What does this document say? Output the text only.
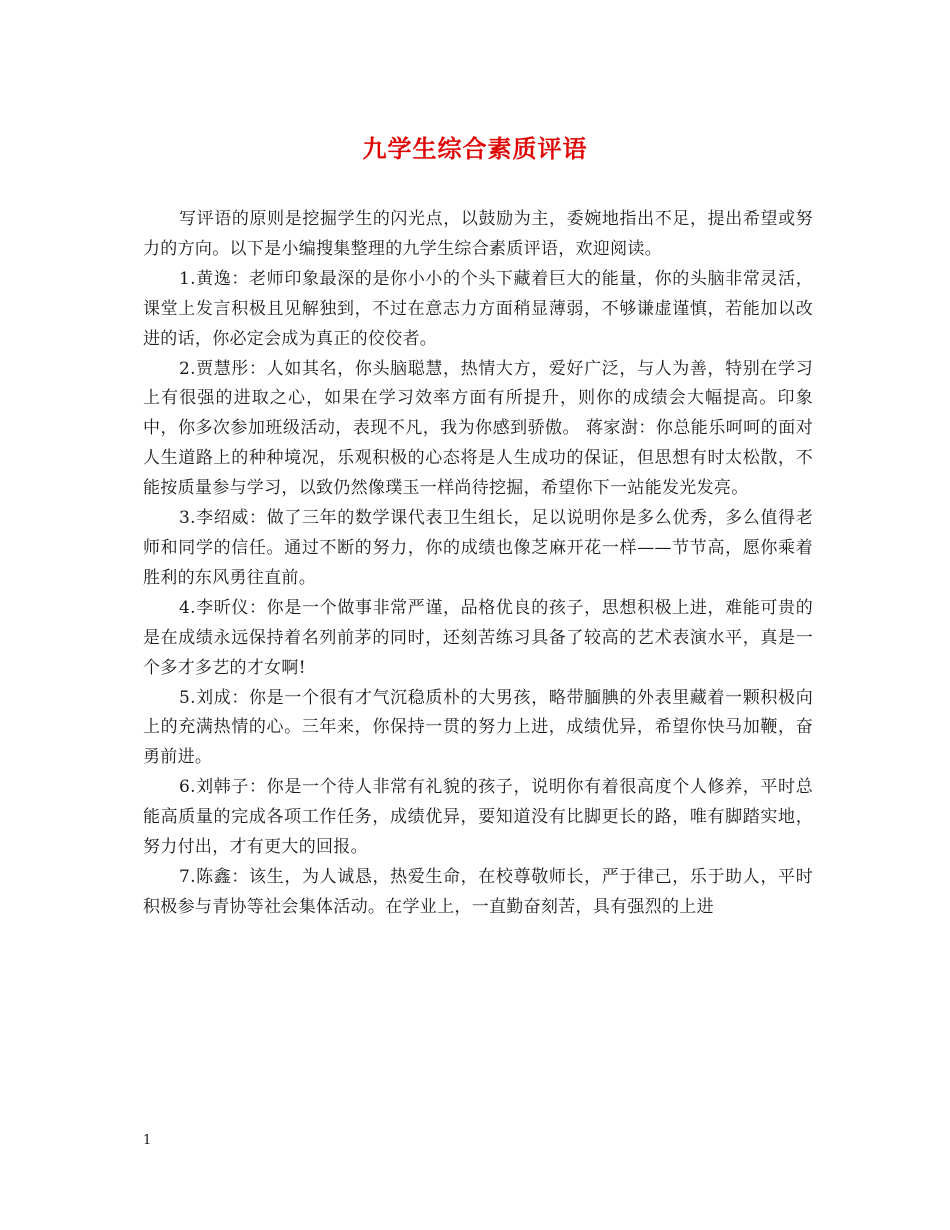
九学生综合素质评语

写评语的原则是挖掘学生的闪光点，以鼓励为主，委婉地指出不足，提出希望或努力的方向。以下是小编搜集整理的九学生综合素质评语，欢迎阅读。

1.黄逸：老师印象最深的是你小小的个头下藏着巨大的能量，你的头脑非常灵活，课堂上发言积极且见解独到，不过在意志力方面稍显薄弱，不够谦虚谨慎，若能加以改进的话，你必定会成为真正的佼佼者。

2.贾慧彤：人如其名，你头脑聪慧，热情大方，爱好广泛，与人为善，特别在学习上有很强的进取之心，如果在学习效率方面有所提升，则你的成绩会大幅提高。印象中，你多次参加班级活动，表现不凡，我为你感到骄傲。 蒋家澍：你总能乐呵呵的面对人生道路上的种种境况，乐观积极的心态将是人生成功的保证，但思想有时太松散，不能按质量参与学习，以致仍然像璞玉一样尚待挖掘，希望你下一站能发光发亮。

3.李绍威：做了三年的数学课代表卫生组长，足以说明你是多么优秀，多么值得老师和同学的信任。通过不断的努力，你的成绩也像芝麻开花一样——节节高，愿你乘着胜利的东风勇往直前。

4.李昕仪：你是一个做事非常严谨，品格优良的孩子，思想积极上进，难能可贵的是在成绩永远保持着名列前茅的同时，还刻苦练习具备了较高的艺术表演水平，真是一个多才多艺的才女啊!

5.刘成：你是一个很有才气沉稳质朴的大男孩，略带腼腆的外表里藏着一颗积极向上的充满热情的心。三年来，你保持一贯的努力上进，成绩优异，希望你快马加鞭，奋勇前进。

6.刘韩子：你是一个待人非常有礼貌的孩子，说明你有着很高度个人修养，平时总能高质量的完成各项工作任务，成绩优异，要知道没有比脚更长的路，唯有脚踏实地，努力付出，才有更大的回报。

7.陈鑫：该生，为人诚恳，热爱生命，在校尊敬师长，严于律己，乐于助人，平时积极参与青协等社会集体活动。在学业上，一直勤奋刻苦，具有强烈的上进

1
